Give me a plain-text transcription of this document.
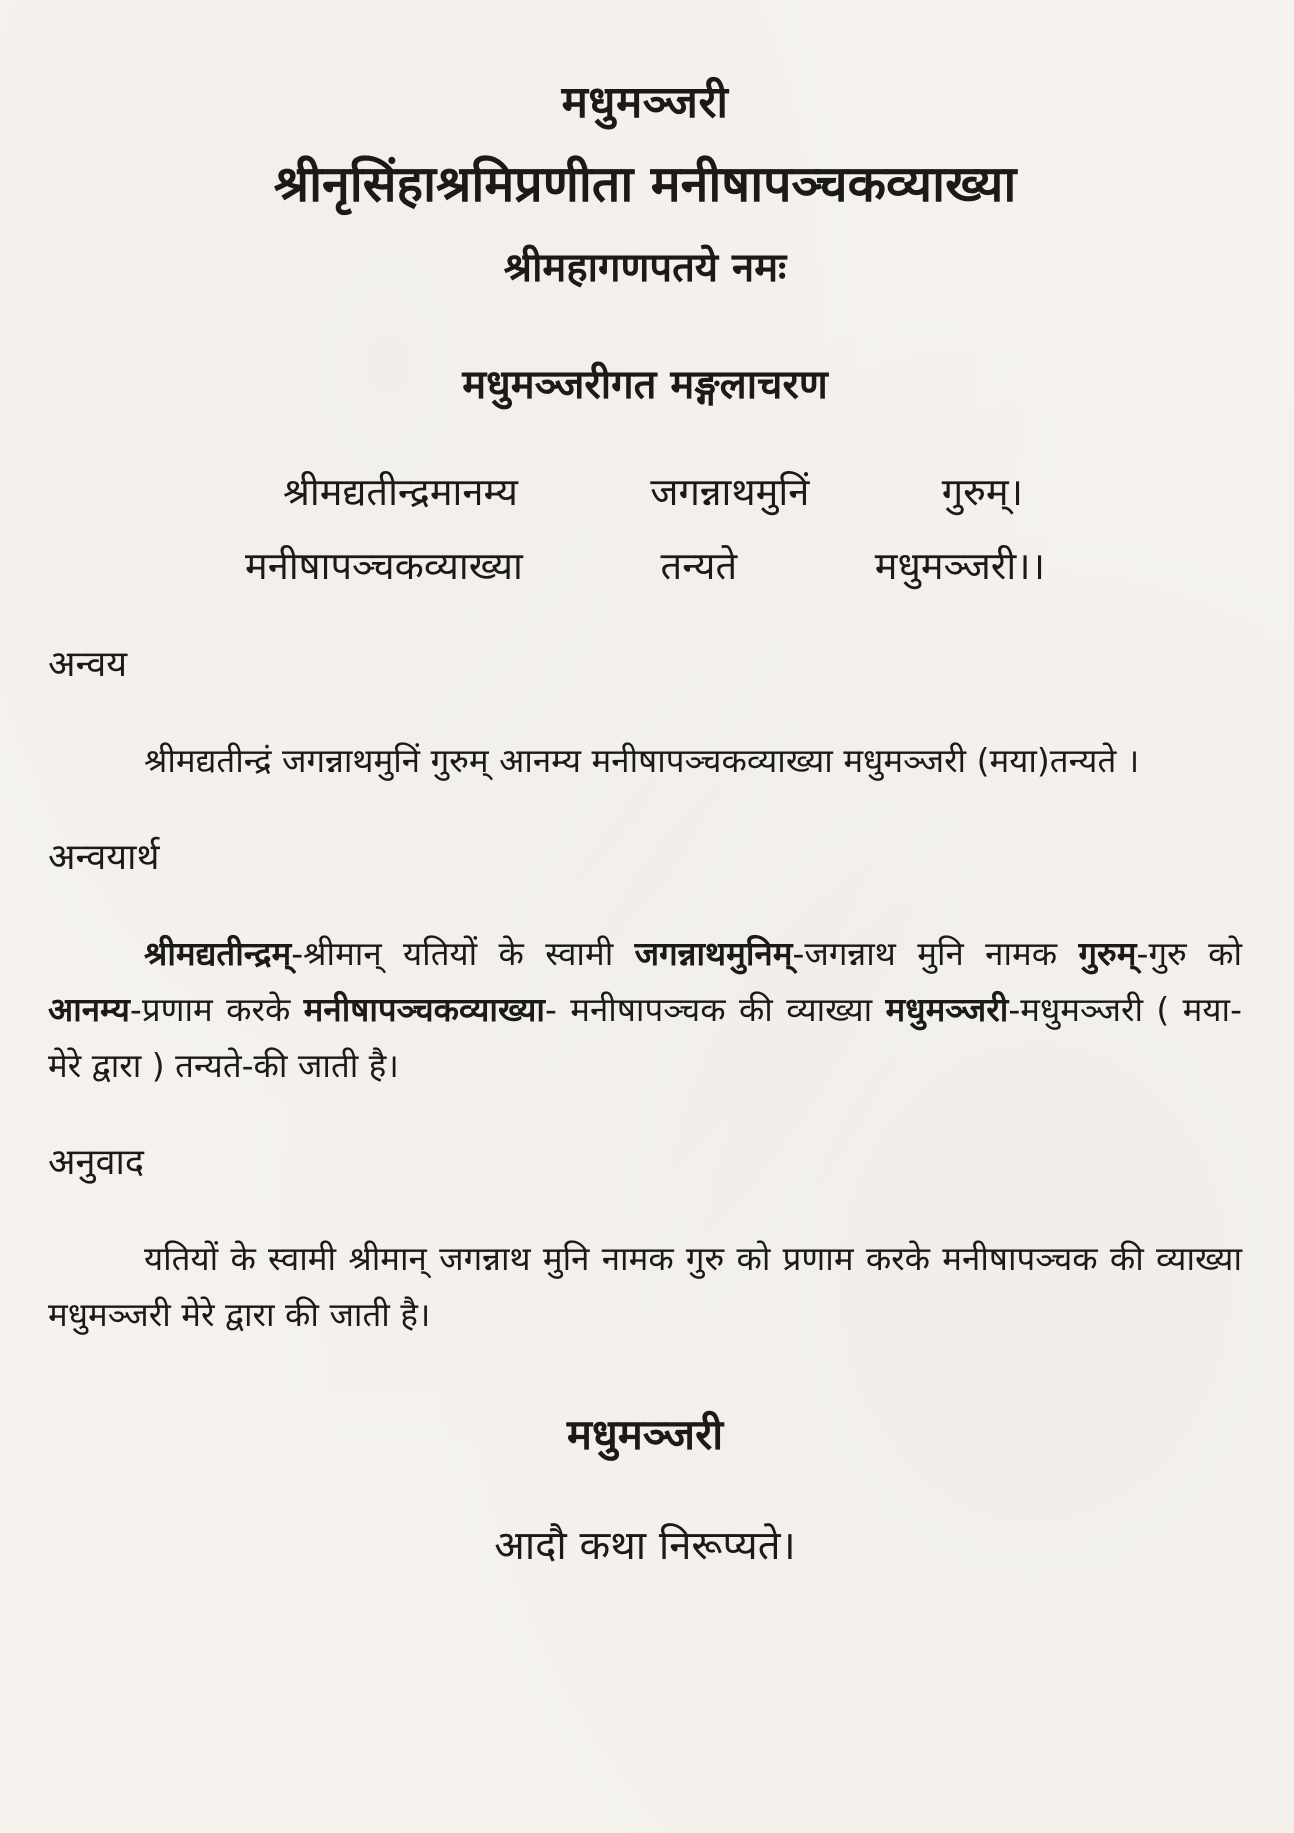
मधुमञ्जरी
श्रीनृसिंहाश्रमिप्रणीता मनीषापञ्चकव्याख्या
श्रीमहागणपतये नमः
मधुमञ्जरीगत मङ्गलाचरण
श्रीमद्यतीन्द्रमानम्य	जगन्नाथमुनिं	गुरुम्।
मनीषापञ्चकव्याख्या	तन्यते	मधुमञ्जरी।।
अन्वय

श्रीमद्यतीन्द्रं जगन्नाथमुनिं गुरुम् आनम्य मनीषापञ्चकव्याख्या मधुमञ्जरी (मया)तन्यते ।

अन्वयार्थ

श्रीमद्यतीन्द्रम्-श्रीमान् यतियों के स्वामी जगन्नाथमुनिम्-जगन्नाथ मुनि नामक गुरुम्-गुरु को आनम्य-प्रणाम करके मनीषापञ्चकव्याख्या- मनीषापञ्चक की व्याख्या मधुमञ्जरी-मधुमञ्जरी ( मया-मेरे द्वारा ) तन्यते-की जाती है।

अनुवाद

यतियों के स्वामी श्रीमान् जगन्नाथ मुनि नामक गुरु को प्रणाम करके मनीषापञ्चक की व्याख्या मधुमञ्जरी मेरे द्वारा की जाती है।

मधुमञ्जरी
आदौ कथा निरूप्यते।
